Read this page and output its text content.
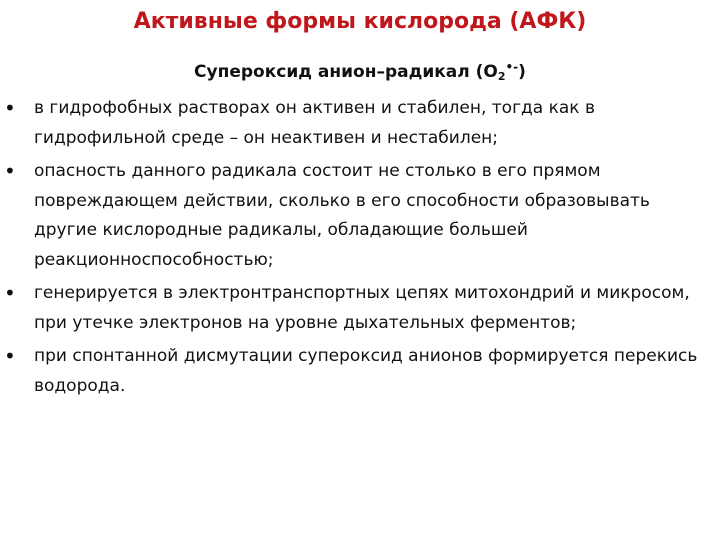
Активные формы кислорода (АФК)
Супероксид анион–радикал $(О_2^{•-})$
• в гидрофобных растворах он активен и стабилен, тогда как в гидрофильной среде – он неактивен и нестабилен;
• опасность данного радикала состоит не столько в его прямом повреждающем действии, сколько в его способности образовывать другие кислородные радикалы, обладающие большей реакционноспособностью;
• генерируется в электронтранспортных цепях митохондрий и микросом, при утечке электронов на уровне дыхательных ферментов;
• при спонтанной дисмутации супероксид анионов формируется перекись водорода.
